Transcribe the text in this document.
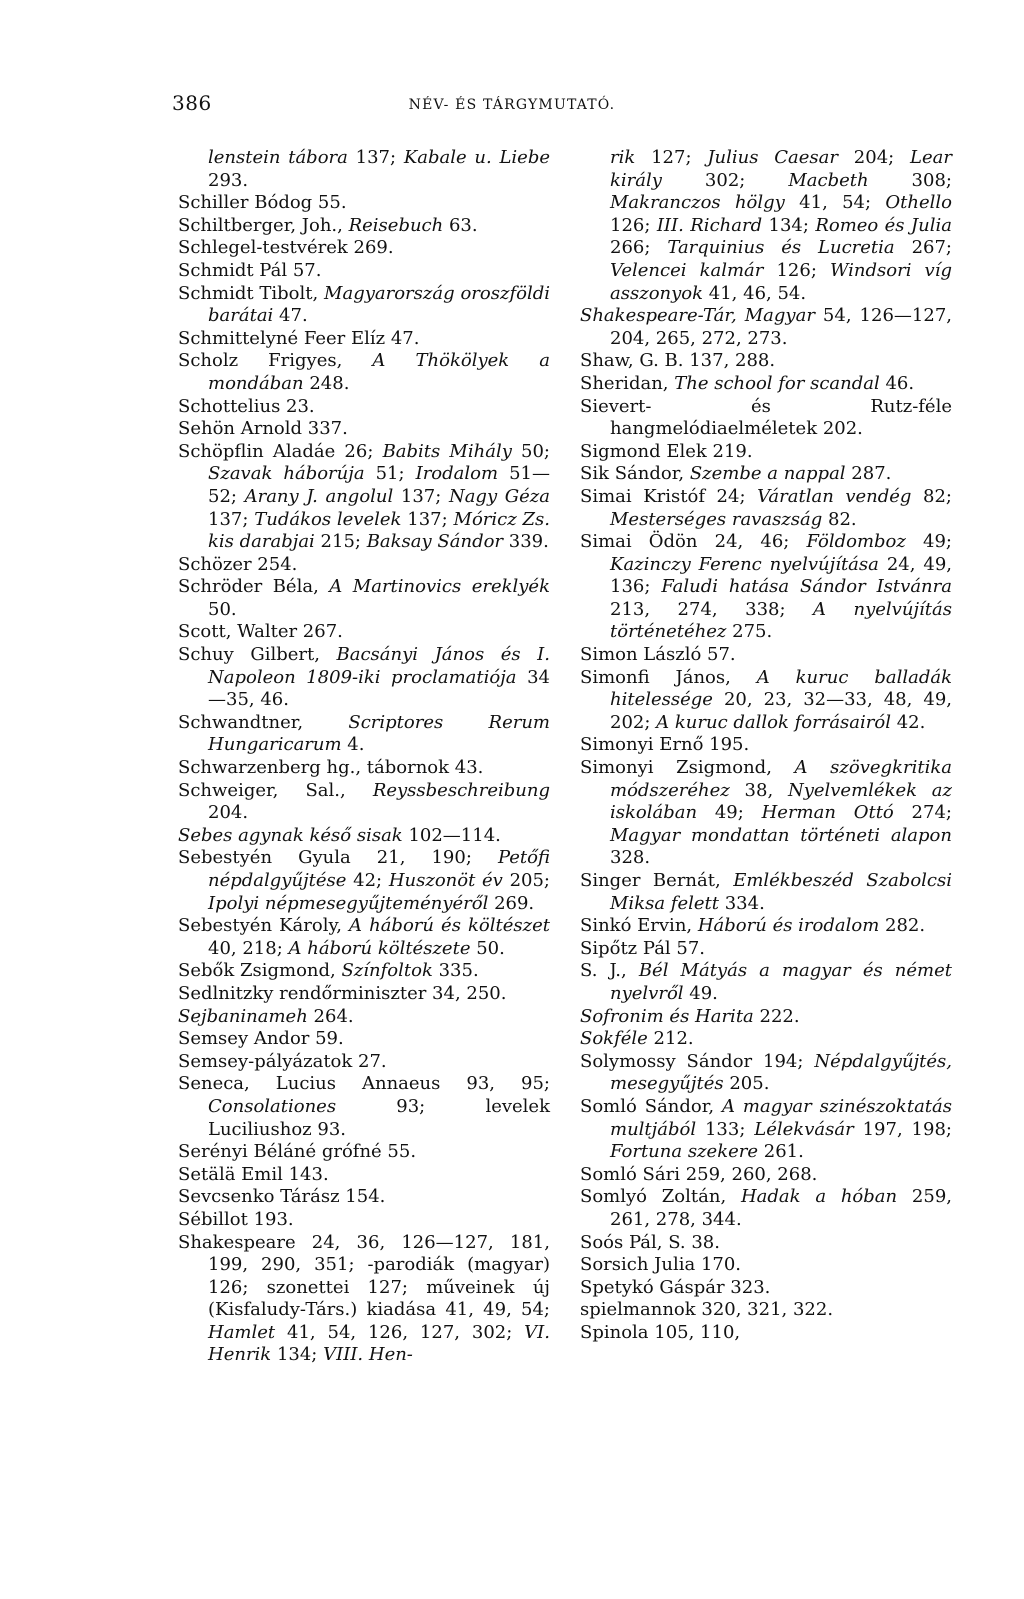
386	NÉV- ÉS TÁRGYMUTATÓ.

lenstein tábora 137; Kabale u. Liebe 293.

Schiller Bódog 55.

Schiltberger, Joh., Reisebuch 63.

Schlegel-testvérek 269.

Schmidt Pál 57.

Schmidt Tibolt, Magyarország oroszföldi barátai 47.

Schmittelyné Feer Elíz 47.

Scholz Frigyes, A Thökölyek a mondában 248.

Schottelius 23.

Sehön Arnold 337.

Schöpflin Aladáe 26; Babits Mihály 50; Szavak háborúja 51; Irodalom 51—52; Arany J. angolul 137; Nagy Géza 137; Tudákos levelek 137; Móricz Zs. kis darabjai 215; Baksay Sándor 339.

Schözer 254.

Schröder Béla, A Martinovics ereklyék 50.

Scott, Walter 267.

Schuy Gilbert, Bacsányi János és I. Napoleon 1809-iki proclamatiója 34—35, 46.

Schwandtner, Scriptores Rerum Hungaricarum 4.

Schwarzenberg hg., tábornok 43.

Schweiger, Sal., Reyssbeschreibung 204.

Sebes agynak késő sisak 102—114.

Sebestyén Gyula 21, 190; Petőfi népdalgyűjtése 42; Huszonöt év 205; Ipolyi népmesegyűjteményéről 269.

Sebestyén Károly, A háború és költészet 40, 218; A háború költészete 50.

Sebők Zsigmond, Színfoltok 335.

Sedlnitzky rendőrminiszter 34, 250.

Sejbaninameh 264.

Semsey Andor 59.

Semsey-pályázatok 27.

Seneca, Lucius Annaeus 93, 95; Consolationes 93; levelek Luciliushoz 93.

Serényi Béláné grófné 55.

Setälä Emil 143.

Sevcsenko Tárász 154.

Sébillot 193.

Shakespeare 24, 36, 126—127, 181, 199, 290, 351; -parodiák (magyar) 126; szonettei 127; műveinek új (Kisfaludy-Társ.) kiadása 41, 49, 54; Hamlet 41, 54, 126, 127, 302; VI. Henrik 134; VIII. Hen-

rik 127; Julius Caesar 204; Lear király 302; Macbeth 308; Makranczos hölgy 41, 54; Othello 126; III. Richard 134; Romeo és Julia 266; Tarquinius és Lucretia 267; Velencei kalmár 126; Windsori víg asszonyok 41, 46, 54.

Shakespeare-Tár, Magyar 54, 126—127, 204, 265, 272, 273.

Shaw, G. B. 137, 288.

Sheridan, The school for scandal 46.

Sievert- és Rutz-féle hangmelódiaelméletek 202.

Sigmond Elek 219.

Sik Sándor, Szembe a nappal 287.

Simai Kristóf 24; Váratlan vendég 82; Mesterséges ravaszság 82.

Simai Ödön 24, 46; Földomboz 49; Kazinczy Ferenc nyelvújítása 24, 49, 136; Faludi hatása Sándor Istvánra 213, 274, 338; A nyelvújítás történetéhez 275.

Simon László 57.

Simonfi János, A kuruc balladák hitelessége 20, 23, 32—33, 48, 49, 202; A kuruc dallok forrásairól 42.

Simonyi Ernő 195.

Simonyi Zsigmond, A szövegkritika módszeréhez 38, Nyelvemlékek az iskolában 49; Herman Ottó 274; Magyar mondattan történeti alapon 328.

Singer Bernát, Emlékbeszéd Szabolcsi Miksa felett 334.

Sinkó Ervin, Háború és irodalom 282.

Sipőtz Pál 57.

S. J., Bél Mátyás a magyar és német nyelvről 49.

Sofronim és Harita 222.

Sokféle 212.

Solymossy Sándor 194; Népdalgyűjtés, mesegyűjtés 205.

Somló Sándor, A magyar szinészoktatás multjából 133; Lélekvásár 197, 198; Fortuna szekere 261.

Somló Sári 259, 260, 268.

Somlyó Zoltán, Hadak a hóban 259, 261, 278, 344.

Soós Pál, S. 38.

Sorsich Julia 170.

Spetykó Gáspár 323.

spielmannok 320, 321, 322.

Spinola 105, 110,
